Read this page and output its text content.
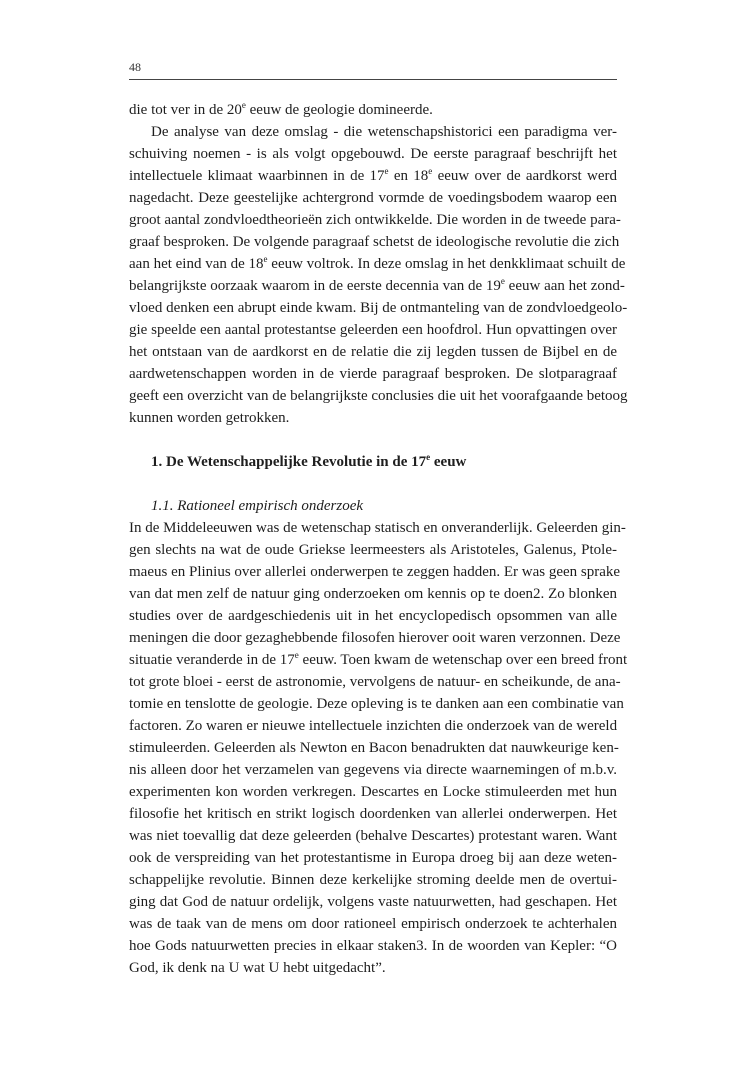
48
die tot ver in de 20e eeuw de geologie domineerde.
De analyse van deze omslag - die wetenschapshistorici een paradigma ver-
schuiving noemen - is als volgt opgebouwd. De eerste paragraaf beschrijft het
intellectuele klimaat waarbinnen in de 17e en 18e eeuw over de aardkorst werd
nagedacht. Deze geestelijke achtergrond vormde de voedingsbodem waarop een
groot aantal zondvloedtheorieën zich ontwikkelde. Die worden in de tweede para-
graaf besproken. De volgende paragraaf schetst de ideologische revolutie die zich
aan het eind van de 18e eeuw voltrok. In deze omslag in het denkklimaat schuilt de
belangrijkste oorzaak waarom in de eerste decennia van de 19e eeuw aan het zond-
vloed denken een abrupt einde kwam. Bij de ontmanteling van de zondvloedgeolo-
gie speelde een aantal protestantse geleerden een hoofdrol. Hun opvattingen over
het ontstaan van de aardkorst en de relatie die zij legden tussen de Bijbel en de
aardwetenschappen worden in de vierde paragraaf besproken. De slotparagraaf
geeft een overzicht van de belangrijkste conclusies die uit het voorafgaande betoog
kunnen worden getrokken.
1. De Wetenschappelijke Revolutie in de 17e eeuw
1.1. Rationeel empirisch onderzoek
In de Middeleeuwen was de wetenschap statisch en onveranderlijk. Geleerden gin-
gen slechts na wat de oude Griekse leermeesters als Aristoteles, Galenus, Ptole-
maeus en Plinius over allerlei onderwerpen te zeggen hadden. Er was geen sprake
van dat men zelf de natuur ging onderzoeken om kennis op te doen2. Zo blonken
studies over de aardgeschiedenis uit in het encyclopedisch opsommen van alle
meningen die door gezaghebbende filosofen hierover ooit waren verzonnen. Deze
situatie veranderde in de 17e eeuw. Toen kwam de wetenschap over een breed front
tot grote bloei - eerst de astronomie, vervolgens de natuur- en scheikunde, de ana-
tomie en tenslotte de geologie. Deze opleving is te danken aan een combinatie van
factoren. Zo waren er nieuwe intellectuele inzichten die onderzoek van de wereld
stimuleerden. Geleerden als Newton en Bacon benadrukten dat nauwkeurige ken-
nis alleen door het verzamelen van gegevens via directe waarnemingen of m.b.v.
experimenten kon worden verkregen. Descartes en Locke stimuleerden met hun
filosofie het kritisch en strikt logisch doordenken van allerlei onderwerpen. Het
was niet toevallig dat deze geleerden (behalve Descartes) protestant waren. Want
ook de verspreiding van het protestantisme in Europa droeg bij aan deze weten-
schappelijke revolutie. Binnen deze kerkelijke stroming deelde men de overtui-
ging dat God de natuur ordelijk, volgens vaste natuurwetten, had geschapen. Het
was de taak van de mens om door rationeel empirisch onderzoek te achterhalen
hoe Gods natuurwetten precies in elkaar staken3. In de woorden van Kepler: “O
God, ik denk na U wat U hebt uitgedacht”.
